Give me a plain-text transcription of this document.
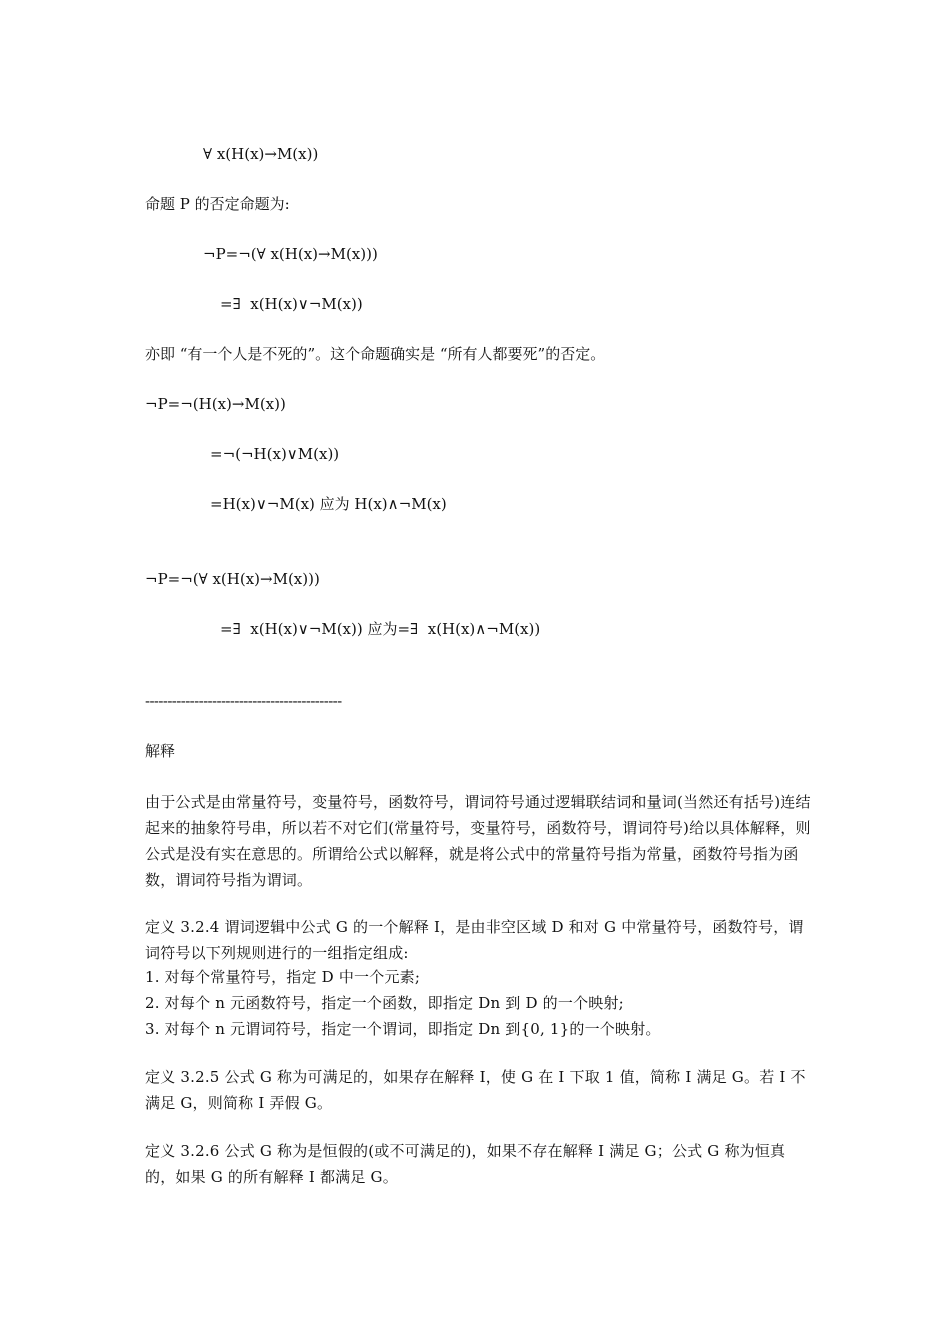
∀ x(H(x)→M(x))
命题 P 的否定命题为:
¬P=¬(∀ x(H(x)→M(x)))
=∃  x(H(x)∨¬M(x))
亦即 “有一个人是不死的”。这个命题确实是 “所有人都要死”的否定。
¬P=¬(H(x)→M(x))
=¬(¬H(x)∨M(x))
=H(x)∨¬M(x) 应为 H(x)∧¬M(x)
¬P=¬(∀ x(H(x)→M(x)))
=∃  x(H(x)∨¬M(x)) 应为=∃  x(H(x)∧¬M(x))
--------------------------------------------
解释
由于公式是由常量符号，变量符号，函数符号，谓词符号通过逻辑联结词和量词(当然还有括号)连结起来的抽象符号串，所以若不对它们(常量符号，变量符号，函数符号，谓词符号)给以具体解释，则公式是没有实在意思的。所谓给公式以解释，就是将公式中的常量符号指为常量，函数符号指为函数，谓词符号指为谓词。
定义 3.2.4 谓词逻辑中公式 G 的一个解释 I，是由非空区域 D 和对 G 中常量符号，函数符号，谓词符号以下列规则进行的一组指定组成:
1. 对每个常量符号，指定 D 中一个元素;
2. 对每个 n 元函数符号，指定一个函数，即指定 Dn 到 D 的一个映射;
3. 对每个 n 元谓词符号，指定一个谓词，即指定 Dn 到{0, 1}的一个映射。
定义 3.2.5 公式 G 称为可满足的，如果存在解释 I，使 G 在 I 下取 1 值，简称 I 满足 G。若 I 不满足 G，则简称 I 弄假 G。
定义 3.2.6 公式 G 称为是恒假的(或不可满足的)，如果不存在解释 I 满足 G；公式 G 称为恒真的，如果 G 的所有解释 I 都满足 G。
